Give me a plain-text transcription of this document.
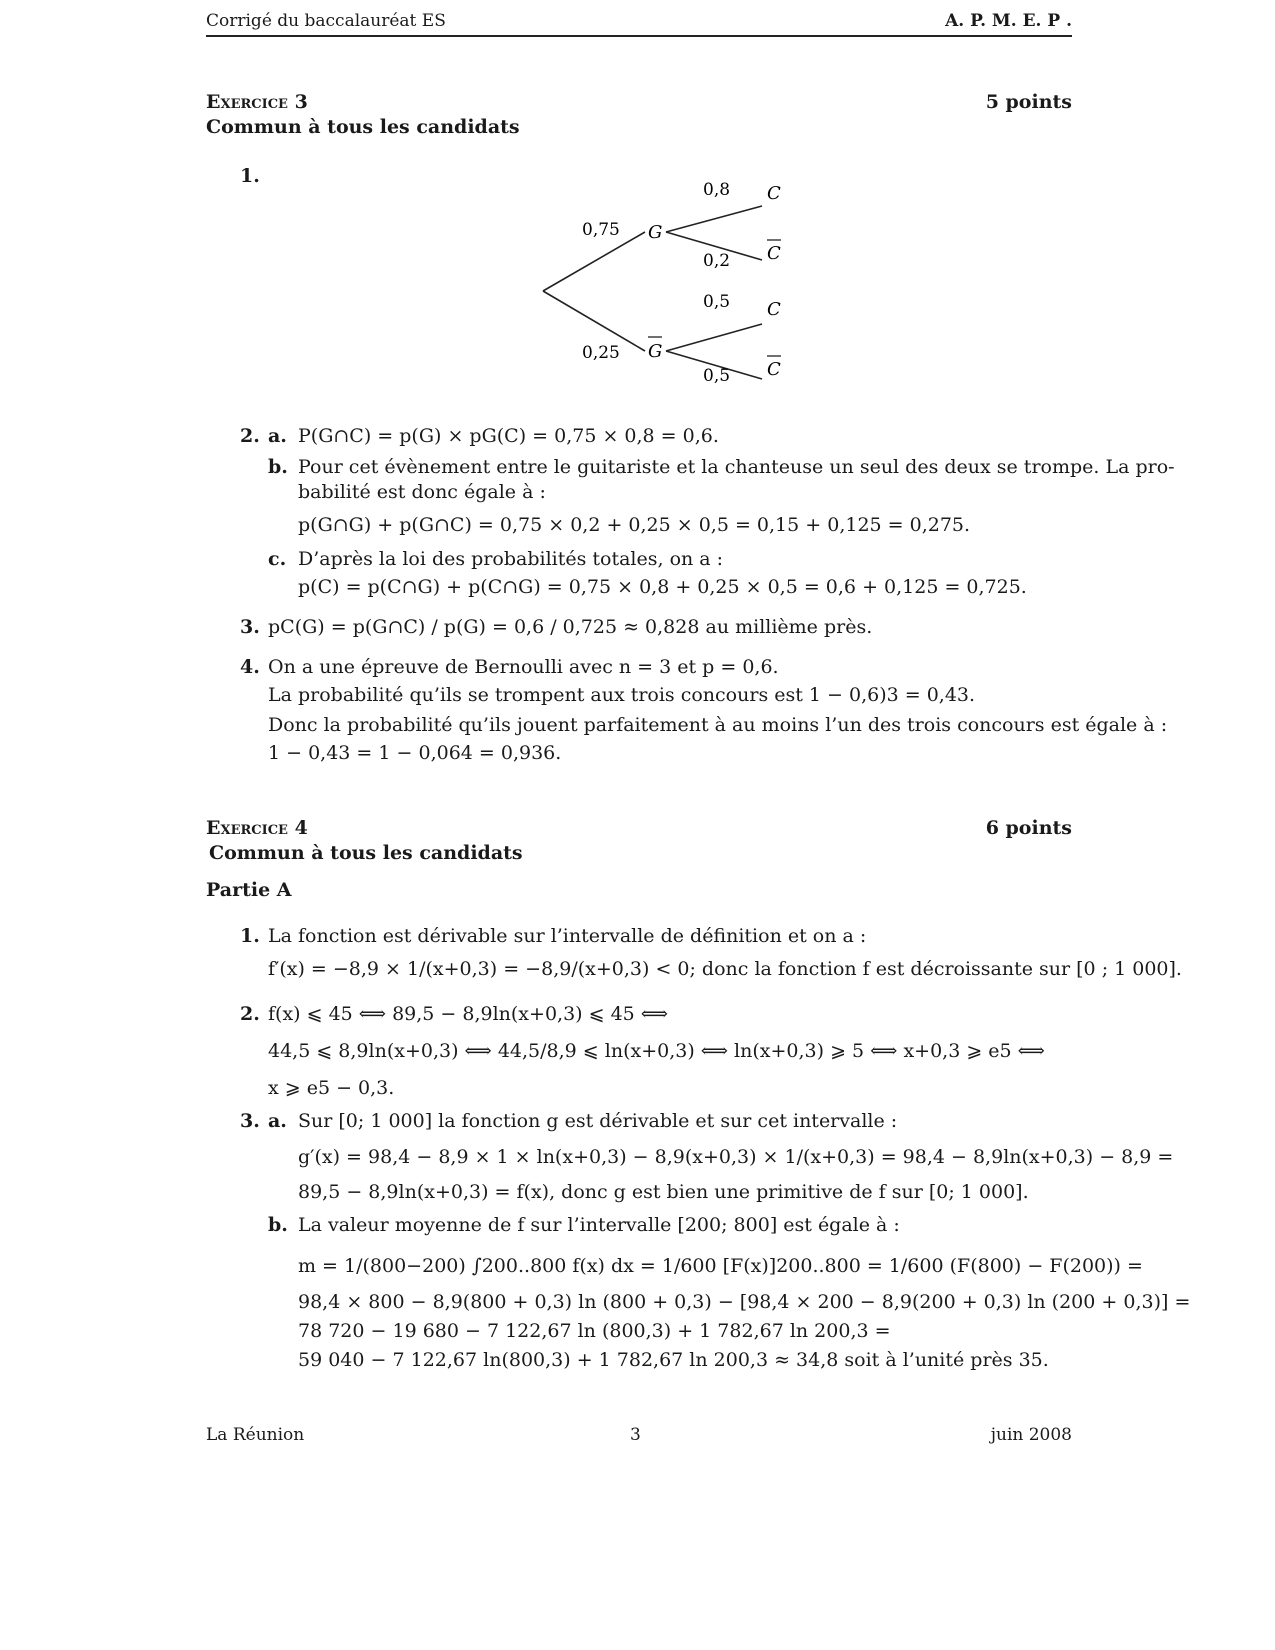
Corrigé du baccalauréat ES	A. P. M. E. P .
Exercice 3	5 points
Commun à tous les candidats
1.
0,75
0,25
G
G
0,8
0,2
0,5
0,5
C
C
C
C
2. a. P(G∩C) = p(G) × pG(C) = 0,75 × 0,8 = 0,6.
b. Pour cet évènement entre le guitariste et la chanteuse un seul des deux se trompe. La pro-
babilité est donc égale à :
p(G∩G) + p(G∩C) = 0,75 × 0,2 + 0,25 × 0,5 = 0,15 + 0,125 = 0,275.
c. D’après la loi des probabilités totales, on a :
p(C) = p(C∩G) + p(C∩G) = 0,75 × 0,8 + 0,25 × 0,5 = 0,6 + 0,125 = 0,725.
3. pC(G) = p(G∩C) / p(G) = 0,6 / 0,725 ≈ 0,828 au millième près.
4. On a une épreuve de Bernoulli avec n = 3 et p = 0,6.
La probabilité qu’ils se trompent aux trois concours est 1 − 0,6)3 = 0,43.
Donc la probabilité qu’ils jouent parfaitement à au moins l’un des trois concours est égale à :
1 − 0,43 = 1 − 0,064 = 0,936.
Exercice 4	6 points
Commun à tous les candidats
Partie A
1. La fonction est dérivable sur l’intervalle de définition et on a :
f′(x) = −8,9 × 1/(x+0,3) = −8,9/(x+0,3) < 0; donc la fonction f est décroissante sur [0 ; 1 000].
2. f(x) ⩽ 45 ⟺ 89,5 − 8,9ln(x+0,3) ⩽ 45 ⟺
44,5 ⩽ 8,9ln(x+0,3) ⟺ 44,5/8,9 ⩽ ln(x+0,3) ⟺ ln(x+0,3) ⩾ 5 ⟺ x+0,3 ⩾ e5 ⟺
x ⩾ e5 − 0,3.
3. a. Sur [0; 1 000] la fonction g est dérivable et sur cet intervalle :
g′(x) = 98,4 − 8,9 × 1 × ln(x+0,3) − 8,9(x+0,3) × 1/(x+0,3) = 98,4 − 8,9ln(x+0,3) − 8,9 =
89,5 − 8,9ln(x+0,3) = f(x), donc g est bien une primitive de f sur [0; 1 000].
b. La valeur moyenne de f sur l’intervalle [200; 800] est égale à :
m = 1/(800−200) ∫200..800 f(x) dx = 1/600 [F(x)]200..800 = 1/600 (F(800) − F(200)) =
98,4 × 800 − 8,9(800 + 0,3) ln (800 + 0,3) − [98,4 × 200 − 8,9(200 + 0,3) ln (200 + 0,3)] =
78 720 − 19 680 − 7 122,67 ln (800,3) + 1 782,67 ln 200,3 =
59 040 − 7 122,67 ln(800,3) + 1 782,67 ln 200,3 ≈ 34,8 soit à l’unité près 35.
La Réunion	3	juin 2008
